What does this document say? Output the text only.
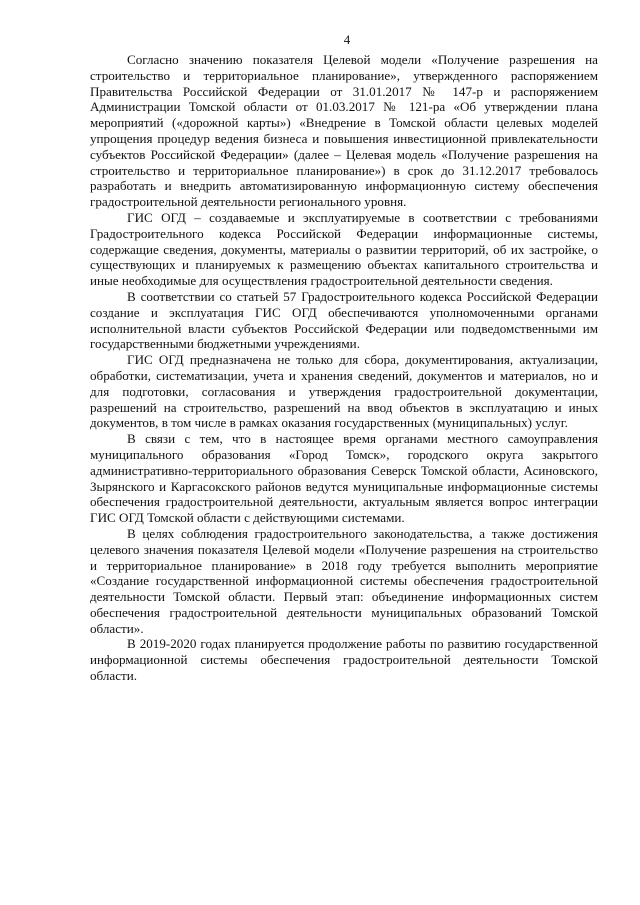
4

Согласно значению показателя Целевой модели «Получение разрешения на строительство и территориальное планирование», утвержденного распоряжением Правительства Российской Федерации от 31.01.2017 № 147-р и распоряжением Администрации Томской области от 01.03.2017 № 121-ра «Об утверждении плана мероприятий («дорожной карты») «Внедрение в Томской области целевых моделей упрощения процедур ведения бизнеса и повышения инвестиционной привлекательности субъектов Российской Федерации» (далее – Целевая модель «Получение разрешения на строительство и территориальное планирование») в срок до 31.12.2017 требовалось разработать и внедрить автоматизированную информационную систему обеспечения градостроительной деятельности регионального уровня.

ГИС ОГД – создаваемые и эксплуатируемые в соответствии с требованиями Градостроительного кодекса Российской Федерации информационные системы, содержащие сведения, документы, материалы о развитии территорий, об их застройке, о существующих и планируемых к размещению объектах капитального строительства и иные необходимые для осуществления градостроительной деятельности сведения.

В соответствии со статьей 57 Градостроительного кодекса Российской Федерации создание и эксплуатация ГИС ОГД обеспечиваются уполномоченными органами исполнительной власти субъектов Российской Федерации или подведомственными им государственными бюджетными учреждениями.

ГИС ОГД предназначена не только для сбора, документирования, актуализации, обработки, систематизации, учета и хранения сведений, документов и материалов, но и для подготовки, согласования и утверждения градостроительной документации, разрешений на строительство, разрешений на ввод объектов в эксплуатацию и иных документов, в том числе в рамках оказания государственных (муниципальных) услуг.

В связи с тем, что в настоящее время органами местного самоуправления муниципального образования «Город Томск», городского округа закрытого административно-территориального образования Северск Томской области, Асиновского, Зырянского и Каргасокского районов ведутся муниципальные информационные системы обеспечения градостроительной деятельности, актуальным является вопрос интеграции ГИС ОГД Томской области с действующими системами.

В целях соблюдения градостроительного законодательства, а также достижения целевого значения показателя Целевой модели «Получение разрешения на строительство и территориальное планирование» в 2018 году требуется выполнить мероприятие «Создание государственной информационной системы обеспечения градостроительной деятельности Томской области. Первый этап: объединение информационных систем обеспечения градостроительной деятельности муниципальных образований Томской области».

В 2019-2020 годах планируется продолжение работы по развитию государственной информационной системы обеспечения градостроительной деятельности Томской области.
